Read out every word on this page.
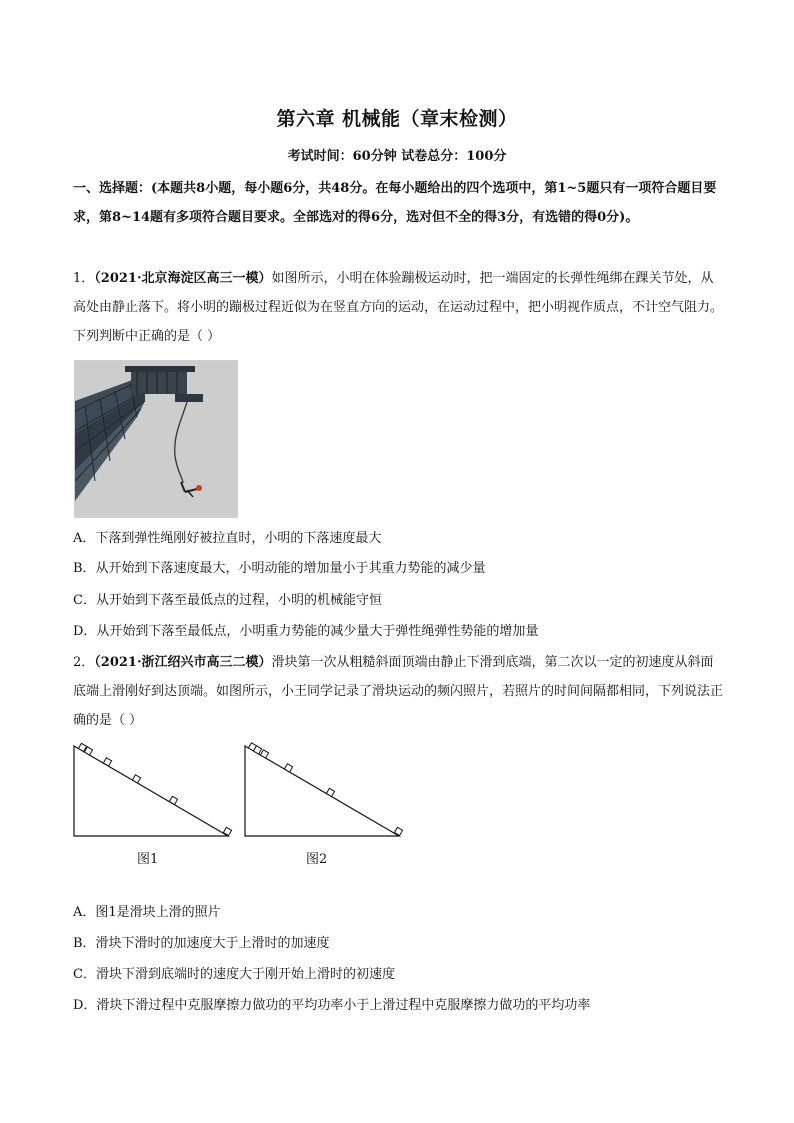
第六章 机械能（章末检测）
考试时间：60分钟 试卷总分：100分
一、选择题：(本题共8小题，每小题6分，共48分。在每小题给出的四个选项中，第1~5题只有一项符合题目要求，第8~14题有多项符合题目要求。全部选对的得6分，选对但不全的得3分，有选错的得0分)。
1．（2021·北京海淀区高三一模）如图所示，小明在体验蹦极运动时，把一端固定的长弹性绳绑在踝关节处，从高处由静止落下。将小明的蹦极过程近似为在竖直方向的运动，在运动过程中，把小明视作质点，不计空气阻力。下列判断中正确的是（ ）
A．下落到弹性绳刚好被拉直时，小明的下落速度最大
B．从开始到下落速度最大，小明动能的增加量小于其重力势能的减少量
C．从开始到下落至最低点的过程，小明的机械能守恒
D．从开始到下落至最低点，小明重力势能的减少量大于弹性绳弹性势能的增加量
2．（2021·浙江绍兴市高三二模）滑块第一次从粗糙斜面顶端由静止下滑到底端，第二次以一定的初速度从斜面底端上滑刚好到达顶端。如图所示，小王同学记录了滑块运动的频闪照片，若照片的时间间隔都相同，下列说法正确的是（ ）
图1	图2
A．图1是滑块上滑的照片
B．滑块下滑时的加速度大于上滑时的加速度
C．滑块下滑到底端时的速度大于刚开始上滑时的初速度
D．滑块下滑过程中克服摩擦力做功的平均功率小于上滑过程中克服摩擦力做功的平均功率
